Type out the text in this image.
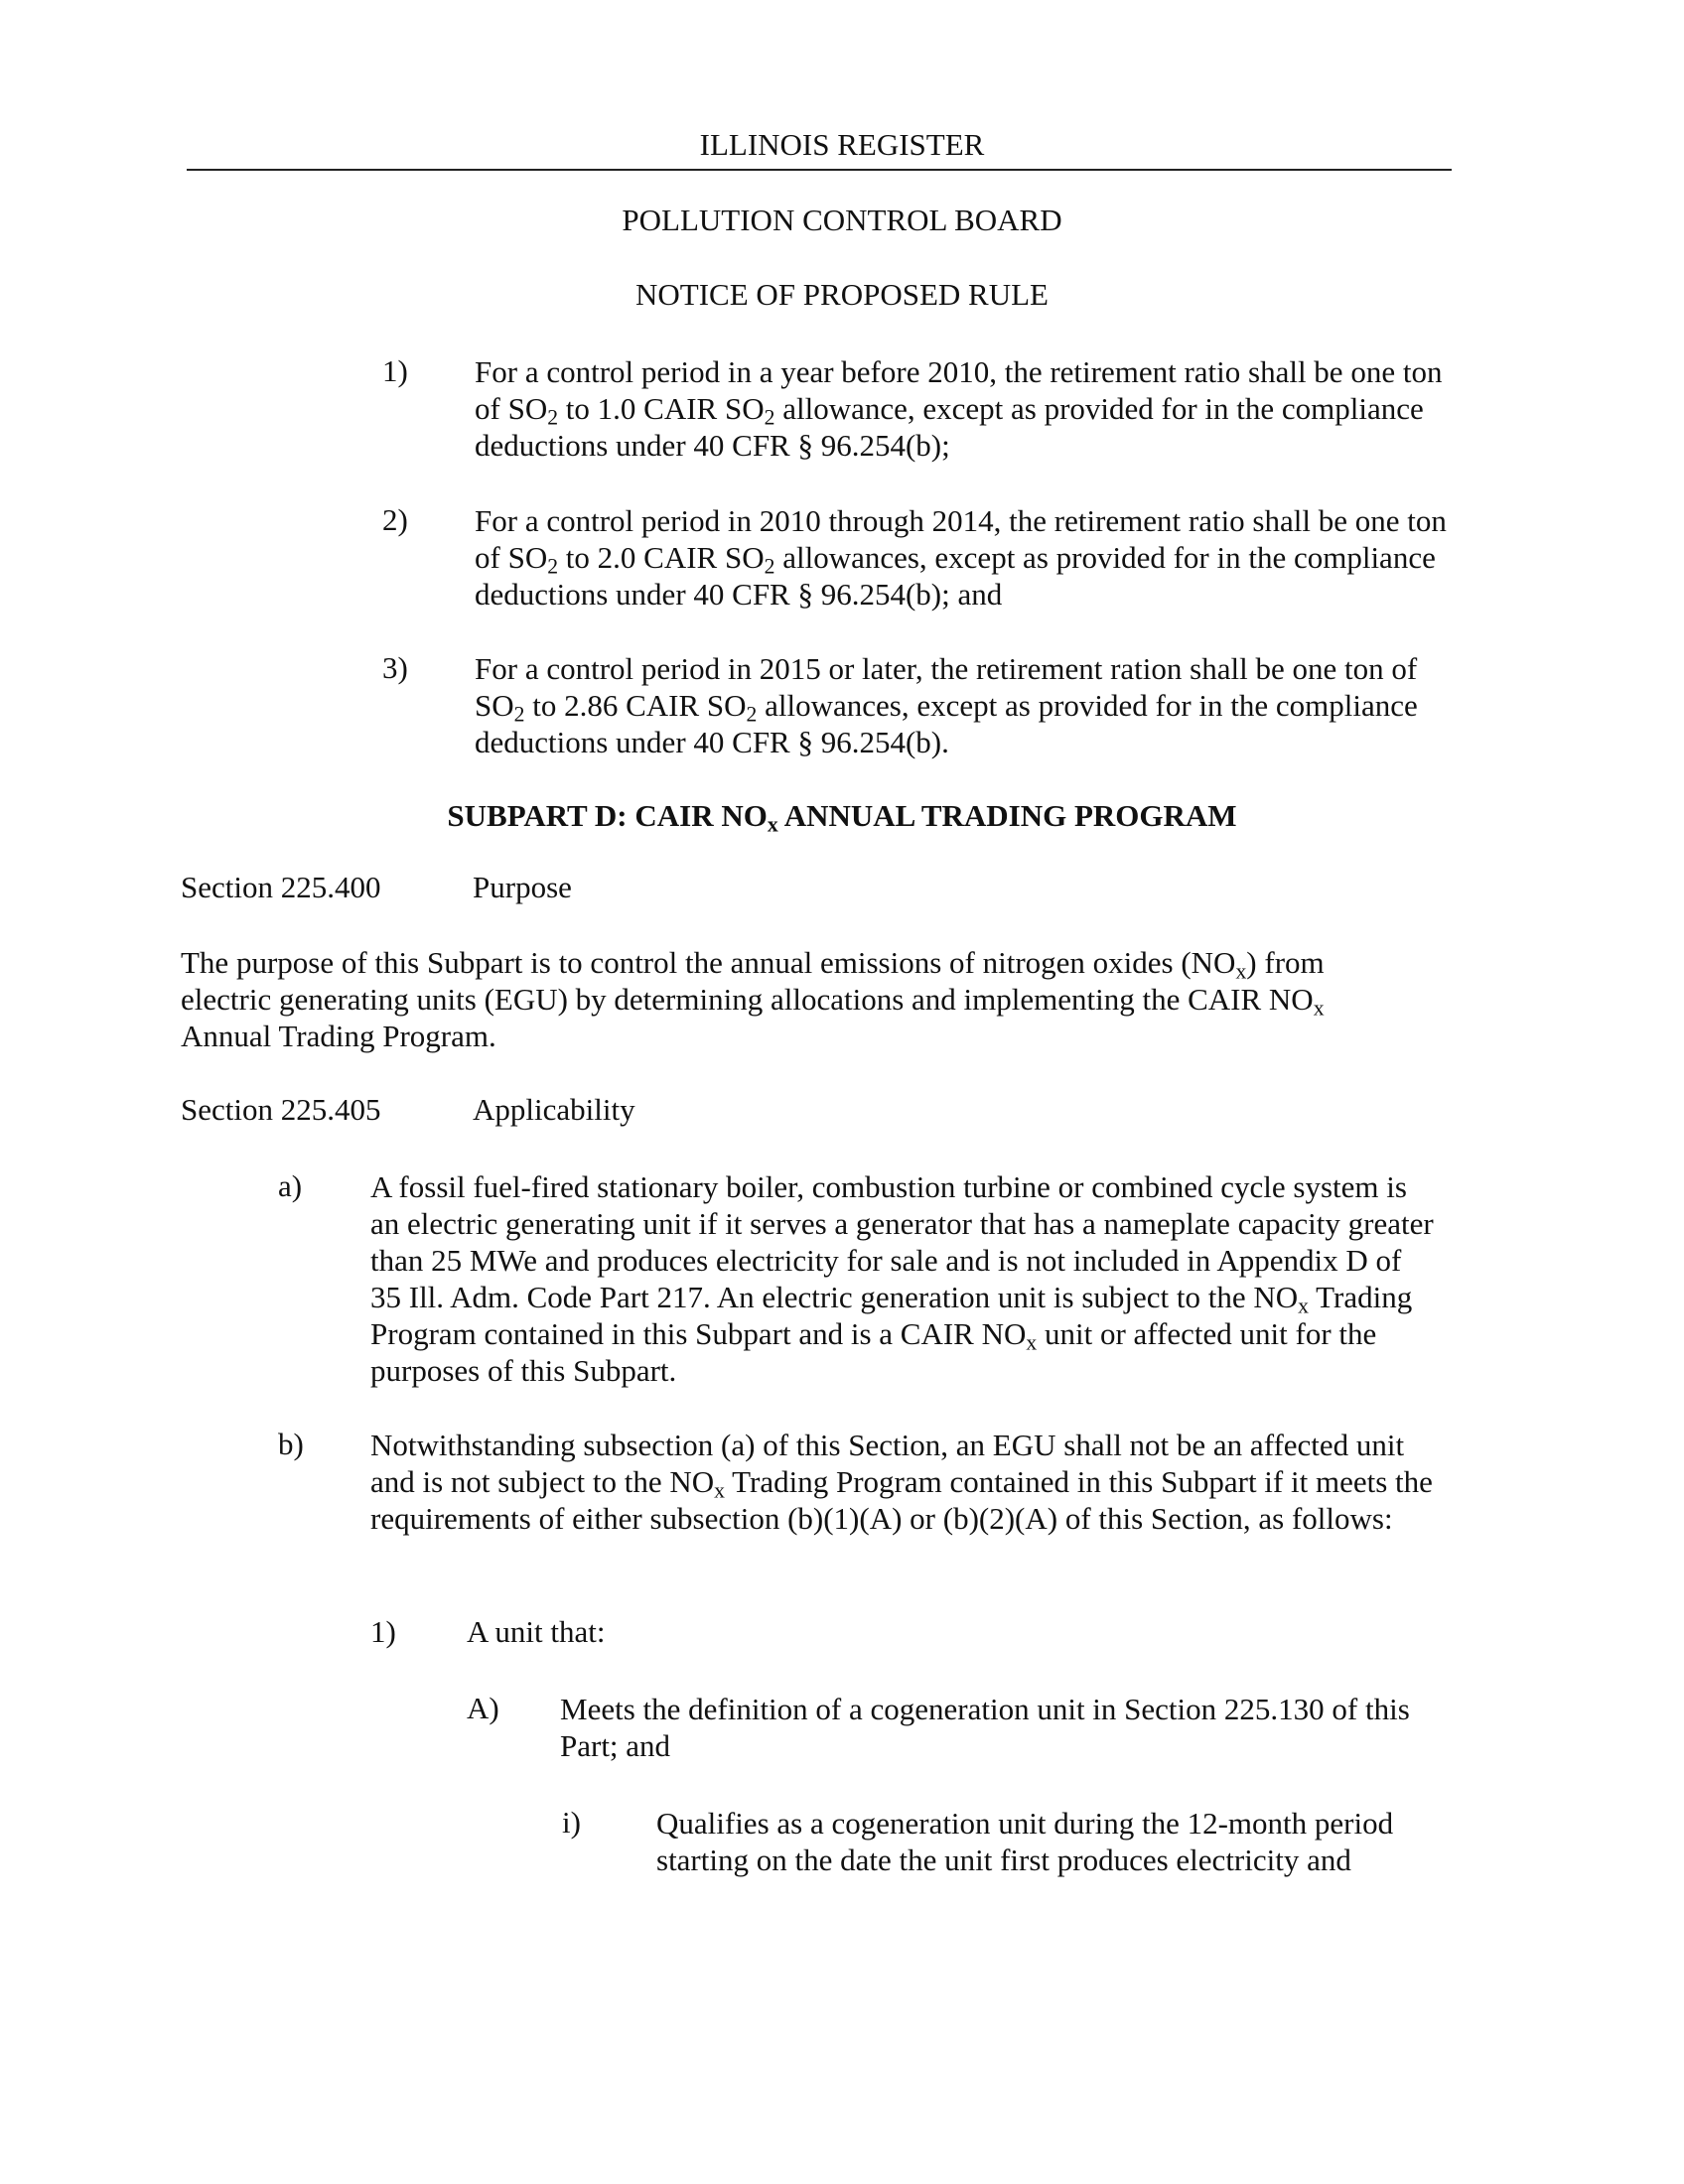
ILLINOIS REGISTER
POLLUTION CONTROL BOARD
NOTICE OF PROPOSED RULE
1) For a control period in a year before 2010, the retirement ratio shall be one ton of $SO_2$ to 1.0 CAIR $SO_2$ allowance, except as provided for in the compliance deductions under 40 CFR § 96.254(b);

2) For a control period in 2010 through 2014, the retirement ratio shall be one ton of $SO_2$ to 2.0 CAIR $SO_2$ allowances, except as provided for in the compliance deductions under 40 CFR § 96.254(b); and

3) For a control period in 2015 or later, the retirement ration shall be one ton of $SO_2$ to 2.86 CAIR $SO_2$ allowances, except as provided for in the compliance deductions under 40 CFR § 96.254(b).

SUBPART D: CAIR $NO_x$ ANNUAL TRADING PROGRAM
Section 225.400	Purpose

The purpose of this Subpart is to control the annual emissions of nitrogen oxides $(NO_x)$ from electric generating units (EGU) by determining allocations and implementing the CAIR $NO_x$ Annual Trading Program.

Section 225.405	Applicability
a) A fossil fuel-fired stationary boiler, combustion turbine or combined cycle system is an electric generating unit if it serves a generator that has a nameplate capacity greater than 25 MWe and produces electricity for sale and is not included in Appendix D of 35 Ill. Adm. Code Part 217. An electric generation unit is subject to the $NO_x$ Trading Program contained in this Subpart and is a CAIR $NO_x$ unit or affected unit for the purposes of this Subpart.

b) Notwithstanding subsection (a) of this Section, an EGU shall not be an affected unit and is not subject to the $NO_x$ Trading Program contained in this Subpart if it meets the requirements of either subsection (b)(1)(A) or (b)(2)(A) of this Section, as follows:

1) A unit that:
A) Meets the definition of a cogeneration unit in Section 225.130 of this Part; and

i) Qualifies as a cogeneration unit during the 12-month period starting on the date the unit first produces electricity and
